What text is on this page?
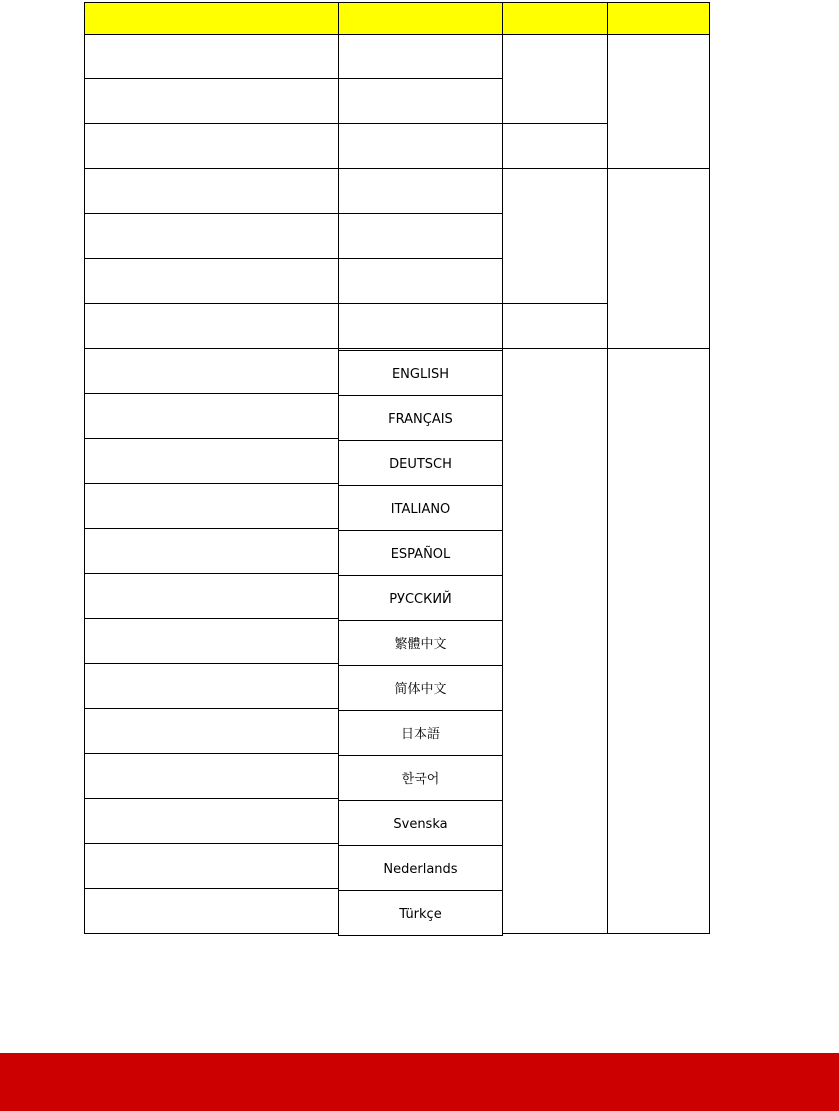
ENGLISH
FRANÇAIS
DEUTSCH
ITALIANO
ESPAÑOL
РУССКИЙ
繁體中文
简体中文
日本語
한국어
Svenska
Nederlands
Türkçe
